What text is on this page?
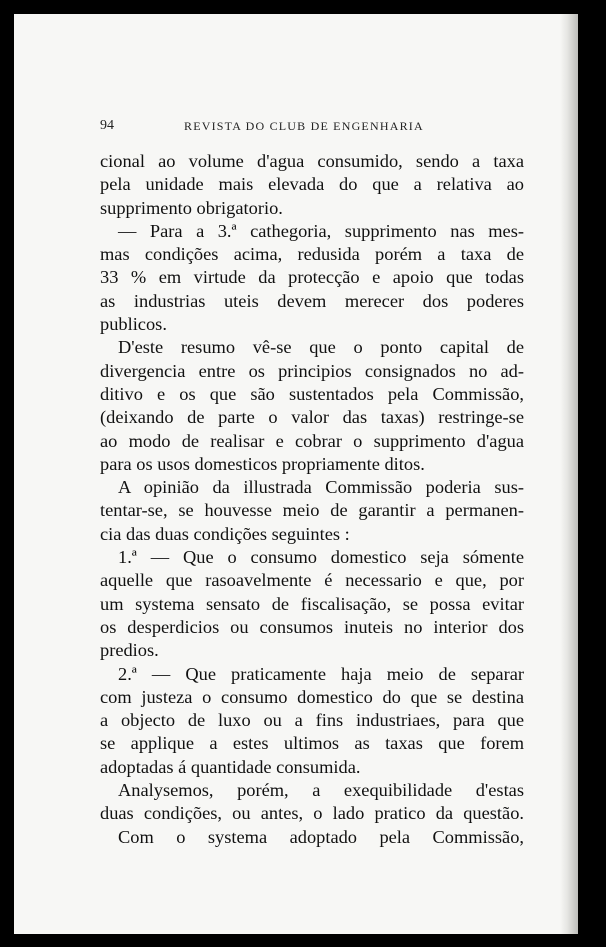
94	REVISTA DO CLUB DE ENGENHARIA
cional ao volume d'agua consumido, sendo a taxa
pela unidade mais elevada do que a relativa ao
supprimento obrigatorio.
— Para a 3.ª cathegoria, supprimento nas mes-
mas condições acima, redusida porém a taxa de
33 % em virtude da protecção e apoio que todas
as industrias uteis devem merecer dos poderes
publicos.
D'este resumo vê-se que o ponto capital de
divergencia entre os principios consignados no ad-
ditivo e os que são sustentados pela Commissão,
(deixando de parte o valor das taxas) restringe-se
ao modo de realisar e cobrar o supprimento d'agua
para os usos domesticos propriamente ditos.
A opinião da illustrada Commissão poderia sus-
tentar-se, se houvesse meio de garantir a permanen-
cia das duas condições seguintes :
1.ª — Que o consumo domestico seja sómente
aquelle que rasoavelmente é necessario e que, por
um systema sensato de fiscalisação, se possa evitar
os desperdicios ou consumos inuteis no interior dos
predios.
2.ª — Que praticamente haja meio de separar
com justeza o consumo domestico do que se destina
a objecto de luxo ou a fins industriaes, para que
se applique a estes ultimos as taxas que forem
adoptadas á quantidade consumida.
Analysemos, porém, a exequibilidade d'estas
duas condições, ou antes, o lado pratico da questão.
Com o systema adoptado pela Commissão,
